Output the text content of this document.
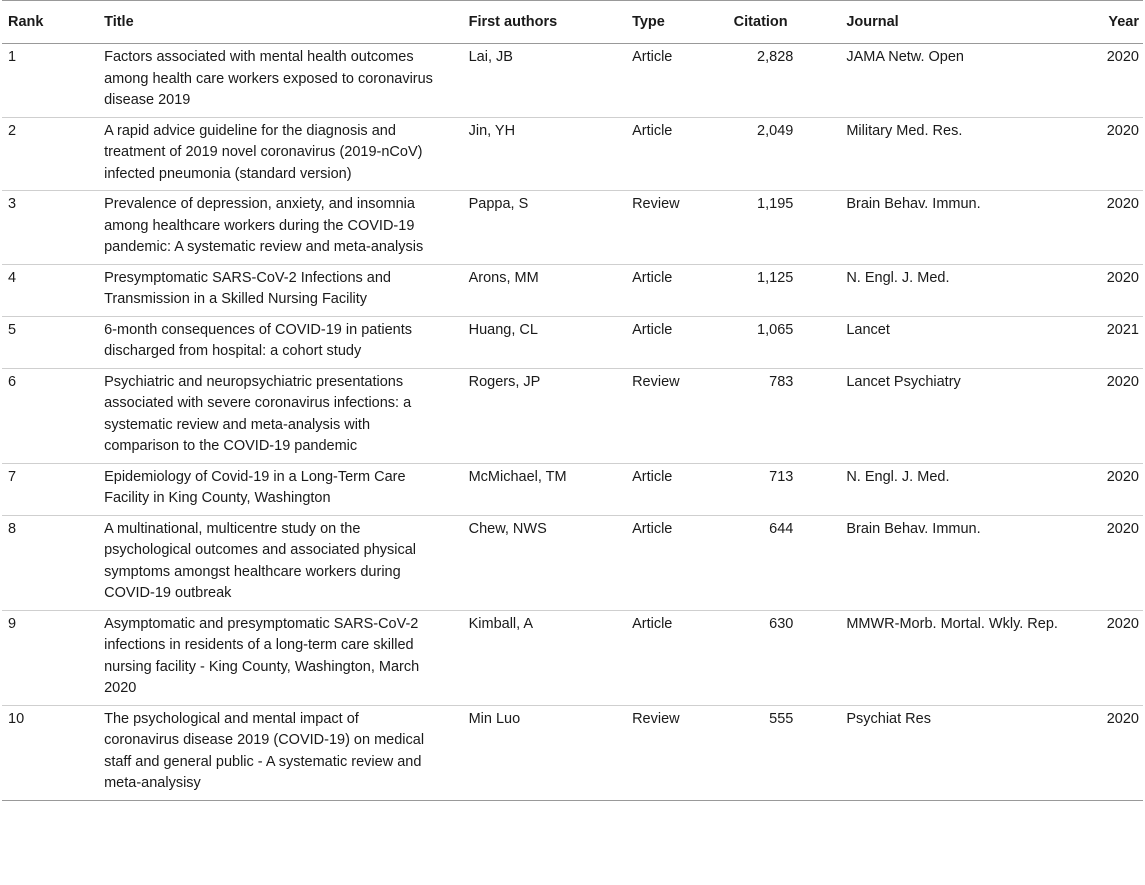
Rank	Title	First authors	Type	Citation	Journal	Year
1	Factors associated with mental health outcomes among health care workers exposed to coronavirus disease 2019	Lai, JB	Article	2,828	JAMA Netw. Open	2020
2	A rapid advice guideline for the diagnosis and treatment of 2019 novel coronavirus (2019-nCoV) infected pneumonia (standard version)	Jin, YH	Article	2,049	Military Med. Res.	2020
3	Prevalence of depression, anxiety, and insomnia among healthcare workers during the COVID-19 pandemic: A systematic review and meta-analysis	Pappa, S	Review	1,195	Brain Behav. Immun.	2020
4	Presymptomatic SARS-CoV-2 Infections and Transmission in a Skilled Nursing Facility	Arons, MM	Article	1,125	N. Engl. J. Med.	2020
5	6-month consequences of COVID-19 in patients discharged from hospital: a cohort study	Huang, CL	Article	1,065	Lancet	2021
6	Psychiatric and neuropsychiatric presentations associated with severe coronavirus infections: a systematic review and meta-analysis with comparison to the COVID-19 pandemic	Rogers, JP	Review	783	Lancet Psychiatry	2020
7	Epidemiology of Covid-19 in a Long-Term Care Facility in King County, Washington	McMichael, TM	Article	713	N. Engl. J. Med.	2020
8	A multinational, multicentre study on the psychological outcomes and associated physical symptoms amongst healthcare workers during COVID-19 outbreak	Chew, NWS	Article	644	Brain Behav. Immun.	2020
9	Asymptomatic and presymptomatic SARS-CoV-2 infections in residents of a long-term care skilled nursing facility - King County, Washington, March 2020	Kimball, A	Article	630	MMWR-Morb. Mortal. Wkly. Rep.	2020
10	The psychological and mental impact of coronavirus disease 2019 (COVID-19) on medical staff and general public - A systematic review and meta-analysisy	Min Luo	Review	555	Psychiat Res	2020
